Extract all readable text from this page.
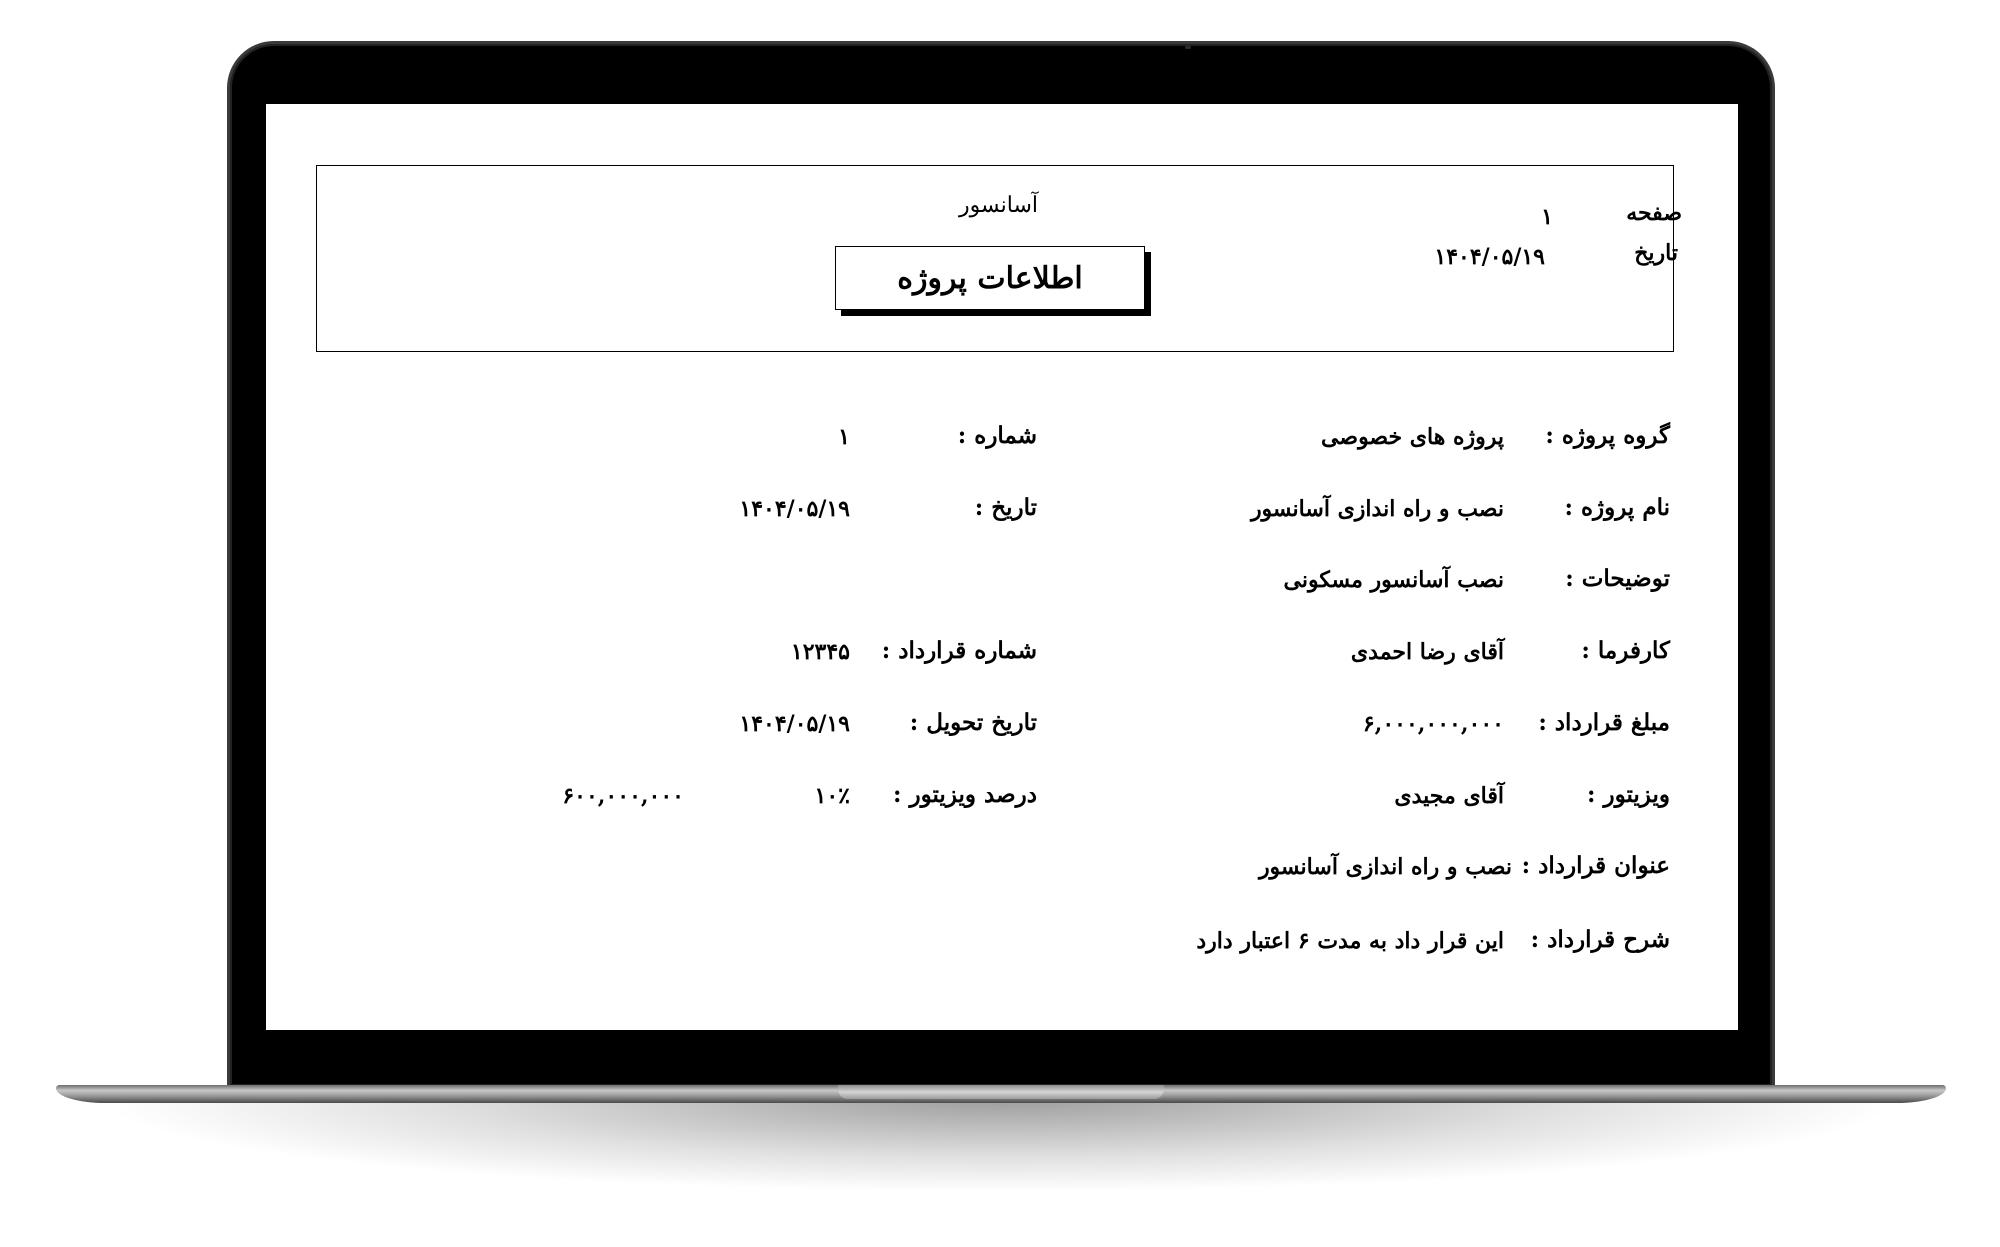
آسانسور
اطلاعات پروژه
صفحه
۱
تاریخ
۱۴۰۴/۰۵/۱۹
گروه پروژه :
پروژه های خصوصی
نام پروژه :
نصب و راه اندازی آسانسور
توضیحات :
نصب آسانسور مسکونی
کارفرما :
آقای رضا احمدی
مبلغ قرارداد :
۶,۰۰۰,۰۰۰,۰۰۰
ویزیتور :
آقای مجیدی
عنوان قرارداد :
نصب و راه اندازی آسانسور
شرح قرارداد :
این قرار داد به مدت ۶ اعتبار دارد
شماره :
۱
تاریخ :
۱۴۰۴/۰۵/۱۹
شماره قرارداد :
۱۲۳۴۵
تاریخ تحویل :
۱۴۰۴/۰۵/۱۹
درصد ویزیتور :
۱۰٪
۶۰۰,۰۰۰,۰۰۰
